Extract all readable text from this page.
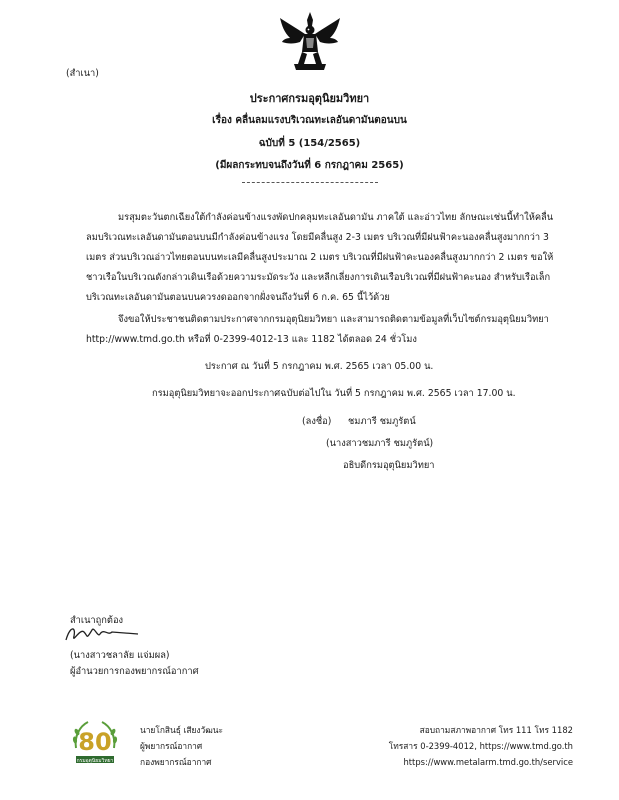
(สำเนา)
ประกาศกรมอุตุนิยมวิทยา
เรื่อง คลื่นลมแรงบริเวณทะเลอันดามันตอนบน
ฉบับที่ 5 (154/2565)
(มีผลกระทบจนถึงวันที่ 6 กรกฎาคม 2565)
มรสุมตะวันตกเฉียงใต้กำลังค่อนข้างแรงพัดปกคลุมทะเลอันดามัน ภาคใต้ และอ่าวไทย ลักษณะเช่นนี้ทำให้คลื่นลมบริเวณทะเลอันดามันตอนบนมีกำลังค่อนข้างแรง โดยมีคลื่นสูง 2-3 เมตร บริเวณที่มีฝนฟ้าคะนองคลื่นสูงมากกว่า 3 เมตร ส่วนบริเวณอ่าวไทยตอนบนทะเลมีคลื่นสูงประมาณ 2 เมตร บริเวณที่มีฝนฟ้าคะนองคลื่นสูงมากกว่า 2 เมตร ขอให้ชาวเรือในบริเวณดังกล่าวเดินเรือด้วยความระมัดระวัง และหลีกเลี่ยงการเดินเรือบริเวณที่มีฝนฟ้าคะนอง สำหรับเรือเล็กบริเวณทะเลอันดามันตอนบนควรงดออกจากฝั่งจนถึงวันที่ 6 ก.ค. 65 นี้ไว้ด้วย
จึงขอให้ประชาชนติดตามประกาศจากกรมอุตุนิยมวิทยา และสามารถติดตามข้อมูลที่เว็บไซต์กรมอุตุนิยมวิทยา http://www.tmd.go.th หรือที่ 0-2399-4012-13 และ 1182 ได้ตลอด 24 ชั่วโมง
ประกาศ ณ วันที่ 5 กรกฎาคม พ.ศ. 2565 เวลา 05.00 น.
กรมอุตุนิยมวิทยาจะออกประกาศฉบับต่อไปใน วันที่ 5 กรกฎาคม พ.ศ. 2565 เวลา 17.00 น.
(ลงชื่อ) ชมภารี ชมภูรัตน์
(นางสาวชมภารี ชมภูรัตน์)
อธิบดีกรมอุตุนิยมวิทยา
สำเนาถูกต้อง
(นางสาวชลาลัย แจ่มผล)
ผู้อำนวยการกองพยากรณ์อากาศ
80
กรมอุตุนิยมวิทยา
นายโกสินธุ์ เสียงวัฒนะ
ผู้พยากรณ์อากาศ
กองพยากรณ์อากาศ
สอบถามสภาพอากาศ โทร 111 โทร 1182
โทรสาร 0-2399-4012, https://www.tmd.go.th
https://www.metalarm.tmd.go.th/service
